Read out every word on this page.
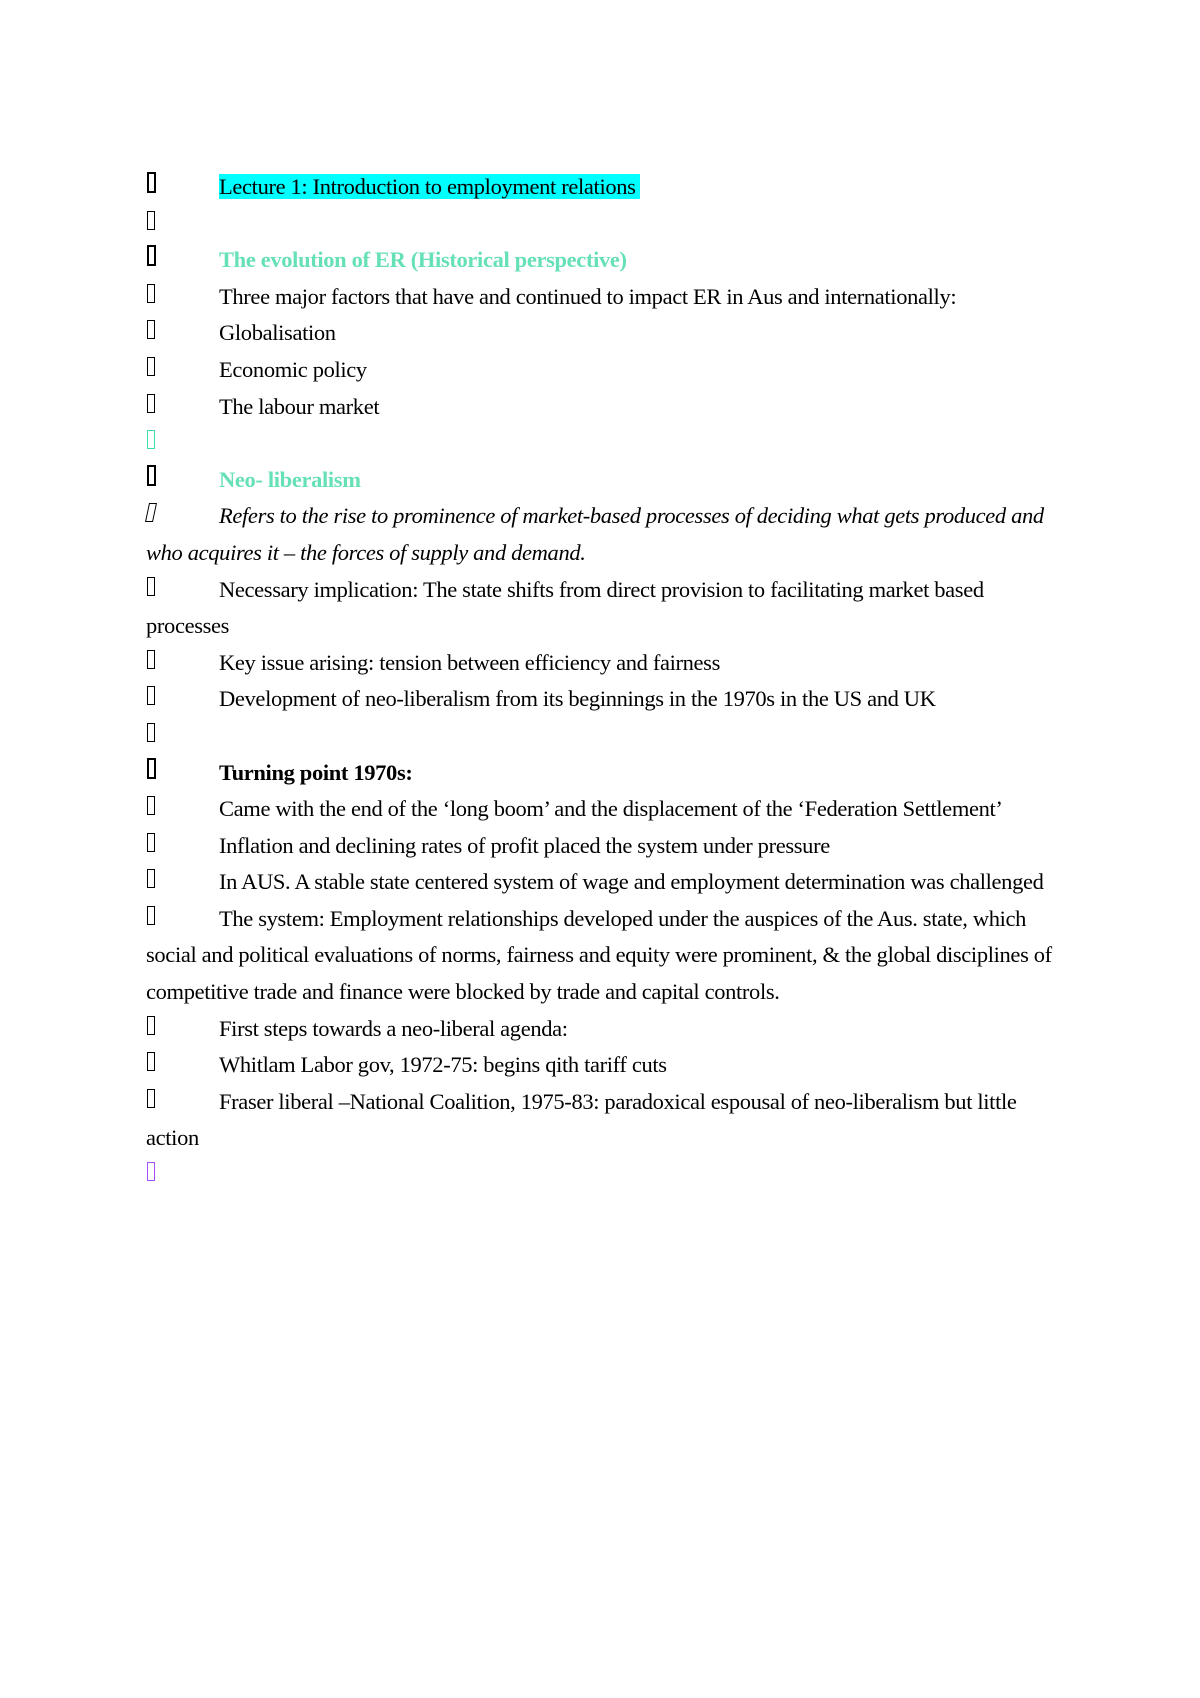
Lecture 1: Introduction to employment relations
The evolution of ER (Historical perspective)
Three major factors that have and continued to impact ER in Aus and internationally:
Globalisation
Economic policy
The labour market
Neo- liberalism
Refers to the rise to prominence of market-based processes of deciding what gets produced and who acquires it – the forces of supply and demand.
Necessary implication: The state shifts from direct provision to facilitating market based processes
Key issue arising: tension between efficiency and fairness
Development of neo-liberalism from its beginnings in the 1970s in the US and UK
Turning point 1970s:
Came with the end of the ‘long boom’ and the displacement of the ‘Federation Settlement’
Inflation and declining rates of profit placed the system under pressure
In AUS. A stable state centered system of wage and employment determination was challenged
The system: Employment relationships developed under the auspices of the Aus. state, which social and political evaluations of norms, fairness and equity were prominent, & the global disciplines of competitive trade and finance were blocked by trade and capital controls.
First steps towards a neo-liberal agenda:
Whitlam Labor gov, 1972-75: begins qith tariff cuts
Fraser liberal –National Coalition, 1975-83: paradoxical espousal of neo-liberalism but little action
